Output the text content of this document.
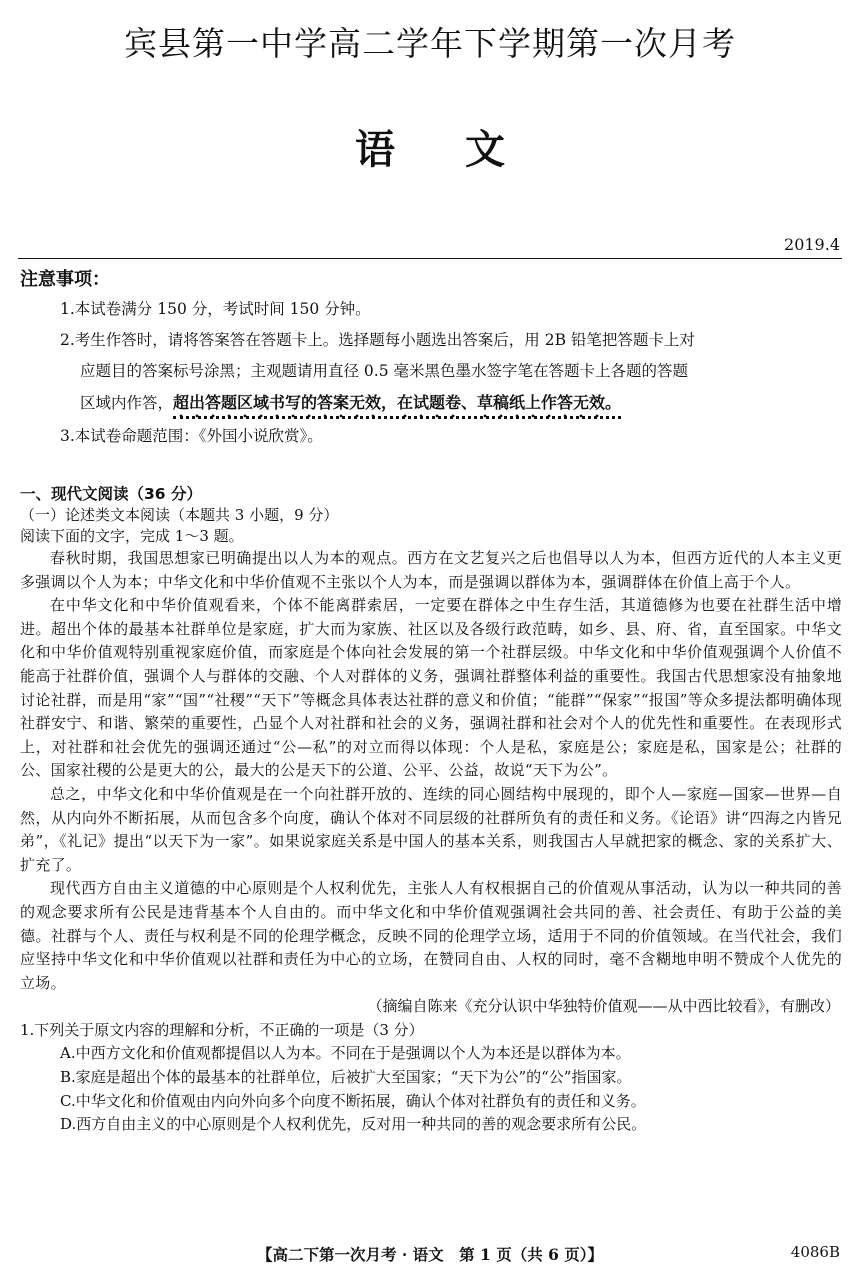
宾县第一中学高二学年下学期第一次月考
语文
2019.4
注意事项：
1.本试卷满分 150 分，考试时间 150 分钟。
2.考生作答时，请将答案答在答题卡上。选择题每小题选出答案后，用 2B 铅笔把答题卡上对
应题目的答案标号涂黑；主观题请用直径 0.5 毫米黑色墨水签字笔在答题卡上各题的答题
区域内作答，超出答题区域书写的答案无效，在试题卷、草稿纸上作答无效。
3.本试卷命题范围：《外国小说欣赏》。
一、现代文阅读（36 分）
（一）论述类文本阅读（本题共 3 小题，9 分）
阅读下面的文字，完成 1～3 题。

春秋时期，我国思想家已明确提出以人为本的观点。西方在文艺复兴之后也倡导以人为本，但西方近代的人本主义更多强调以个人为本；中华文化和中华价值观不主张以个人为本，而是强调以群体为本，强调群体在价值上高于个人。

在中华文化和中华价值观看来，个体不能离群索居，一定要在群体之中生存生活，其道德修为也要在社群生活中增进。超出个体的最基本社群单位是家庭，扩大而为家族、社区以及各级行政范畴，如乡、县、府、省，直至国家。中华文化和中华价值观特别重视家庭价值，而家庭是个体向社会发展的第一个社群层级。中华文化和中华价值观强调个人价值不能高于社群价值，强调个人与群体的交融、个人对群体的义务，强调社群整体利益的重要性。我国古代思想家没有抽象地讨论社群，而是用“家”“国”“社稷”“天下”等概念具体表达社群的意义和价值；“能群”“保家”“报国”等众多提法都明确体现社群安宁、和谐、繁荣的重要性，凸显个人对社群和社会的义务，强调社群和社会对个人的优先性和重要性。在表现形式上，对社群和社会优先的强调还通过“公—私”的对立而得以体现：个人是私，家庭是公；家庭是私，国家是公；社群的公、国家社稷的公是更大的公，最大的公是天下的公道、公平、公益，故说“天下为公”。

总之，中华文化和中华价值观是在一个向社群开放的、连续的同心圆结构中展现的，即个人—家庭—国家—世界—自然，从内向外不断拓展，从而包含多个向度，确认个体对不同层级的社群所负有的责任和义务。《论语》讲“四海之内皆兄弟”，《礼记》提出“以天下为一家”。如果说家庭关系是中国人的基本关系，则我国古人早就把家的概念、家的关系扩大、扩充了。

现代西方自由主义道德的中心原则是个人权利优先，主张人人有权根据自己的价值观从事活动，认为以一种共同的善的观念要求所有公民是违背基本个人自由的。而中华文化和中华价值观强调社会共同的善、社会责任、有助于公益的美德。社群与个人、责任与权利是不同的伦理学概念，反映不同的伦理学立场，适用于不同的价值领域。在当代社会，我们应坚持中华文化和中华价值观以社群和责任为中心的立场，在赞同自由、人权的同时，毫不含糊地申明不赞成个人优先的立场。

（摘编自陈来《充分认识中华独特价值观——从中西比较看》，有删改）
1.下列关于原文内容的理解和分析，不正确的一项是（3 分）
A.中西方文化和价值观都提倡以人为本。不同在于是强调以个人为本还是以群体为本。
B.家庭是超出个体的最基本的社群单位，后被扩大至国家；“天下为公”的“公”指国家。
C.中华文化和价值观由内向外向多个向度不断拓展，确认个体对社群负有的责任和义务。
D.西方自由主义的中心原则是个人权利优先，反对用一种共同的善的观念要求所有公民。
【高二下第一次月考 · 语文　第 1 页（共 6 页）】	4086B
